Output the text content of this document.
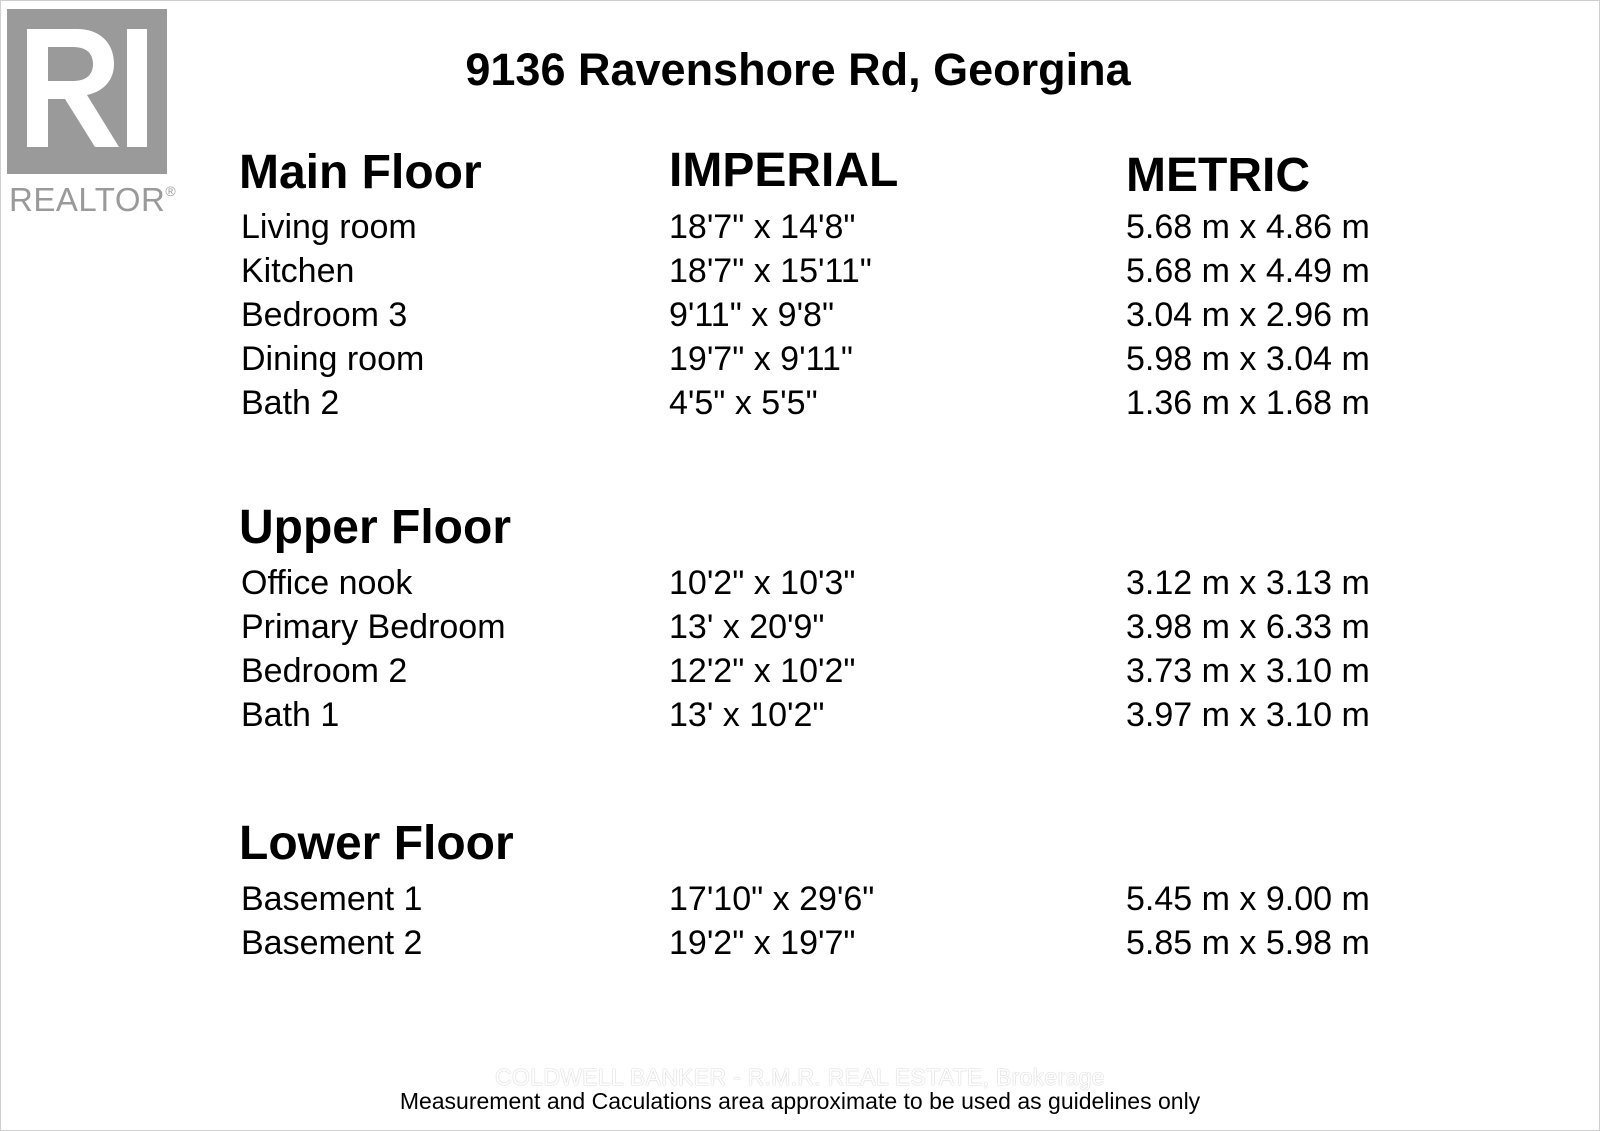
REALTOR®
9136 Ravenshore Rd, Georgina
IMPERIAL	METRIC
Main Floor
Living room	18'7" x 14'8"	5.68 m x 4.86 m
Kitchen	18'7" x 15'11"	5.68 m x 4.49 m
Bedroom 3	9'11" x 9'8"	3.04 m x 2.96 m
Dining room	19'7" x 9'11"	5.98 m x 3.04 m
Bath 2	4'5" x 5'5"	1.36 m x 1.68 m
Upper Floor
Office nook	10'2" x 10'3"	3.12 m x 3.13 m
Primary Bedroom	13' x 20'9"	3.98 m x 6.33 m
Bedroom 2	12'2" x 10'2"	3.73 m x 3.10 m
Bath 1	13' x 10'2"	3.97 m x 3.10 m
Lower Floor
Basement 1	17'10" x 29'6"	5.45 m x 9.00 m
Basement 2	19'2" x 19'7"	5.85 m x 5.98 m
COLDWELL BANKER - R.M.R. REAL ESTATE, Brokerage
Measurement and Caculations area approximate to be used as guidelines only
